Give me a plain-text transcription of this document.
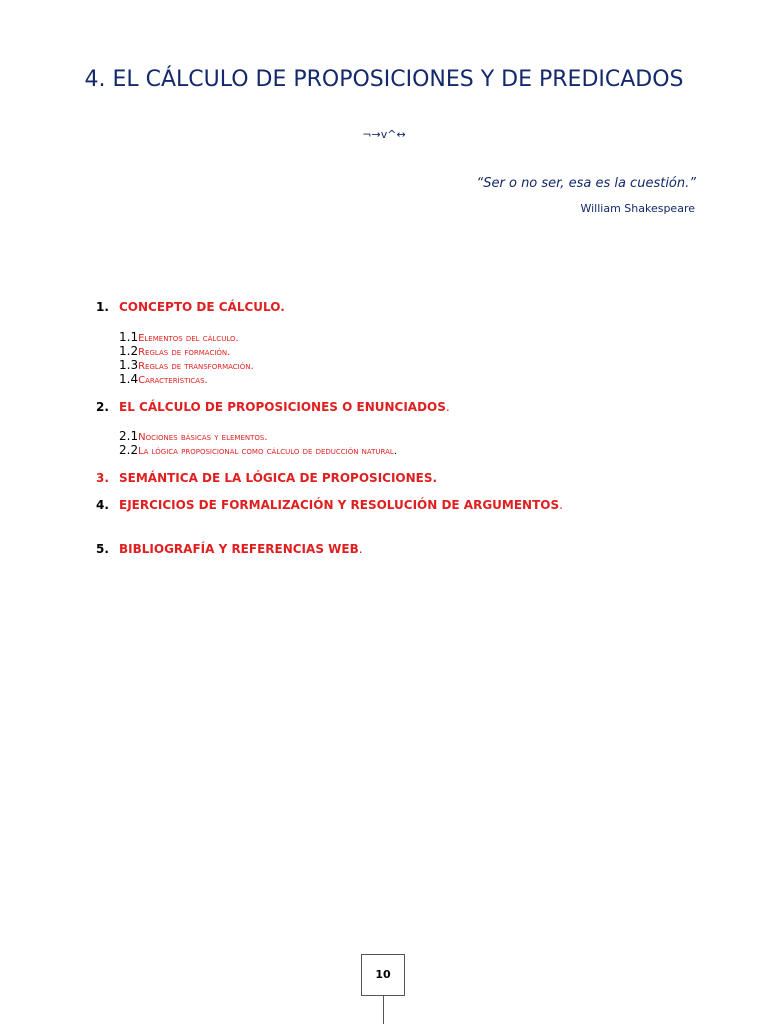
4. EL CÁLCULO DE PROPOSICIONES Y DE PREDICADOS
¬→v^↔
“Ser o no ser, esa es la cuestión.”
William Shakespeare
1. CONCEPTO DE CÁLCULO.
1.1Elementos del cálculo.
1.2Reglas de formación.
1.3Reglas de transformación.
1.4Características.
2. EL CÁLCULO DE PROPOSICIONES O ENUNCIADOS.
2.1Nociones básicas y elementos.
2.2La lógica proposicional como cálculo de deducción natural.
3. SEMÁNTICA DE LA LÓGICA DE PROPOSICIONES.
4. EJERCICIOS DE FORMALIZACIÓN Y RESOLUCIÓN DE ARGUMENTOS.
5. BIBLIOGRAFÍA Y REFERENCIAS WEB.
10
